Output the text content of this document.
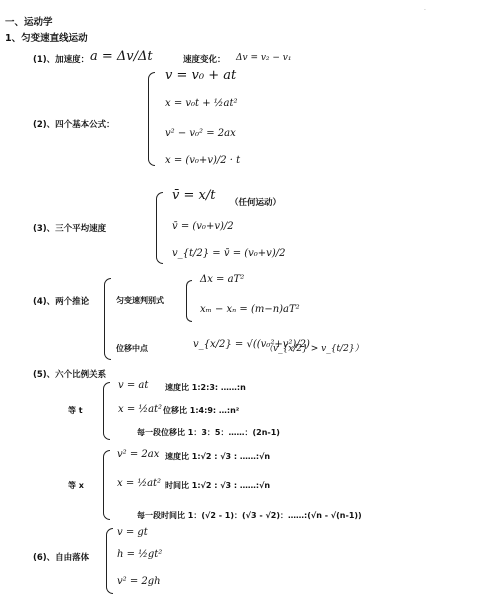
·
一、运动学
1、匀变速直线运动
(1)、加速度： a = Δv/Δt	速度变化： Δv = v₂ − v₁
(2)、四个基本公式：
v = v₀ + at
x = v₀t + ½at²
v² − v₀² = 2ax
x = (v₀+v)/2 · t
(3)、三个平均速度
v̄ = x/t （任何运动）
v̄ = (v₀+v)/2
v_{t/2} = v̄ = (v₀+v)/2
(4)、两个推论	匀变速判别式
Δx = aT²
xₘ − xₙ = (m−n)aT²
位移中点	v_{x/2} = √((v₀²+v²)/2)
（v_{x/2} > v_{t/2}）
(5)、六个比例关系
等 t
v = at 速度比 1:2:3: ……:n
x = ½at² 位移比 1:4:9: …:n²
每一段位移比 1：3：5：……：(2n-1)
等 x
v² = 2ax 速度比 1:√2 : √3 : ……:√n
x = ½at² 时间比 1:√2 : √3 : ……:√n
每一段时间比 1：(√2 - 1)：(√3 - √2)：……:(√n - √(n-1))
(6)、自由落体
v = gt
h = ½gt²
v² = 2gh
